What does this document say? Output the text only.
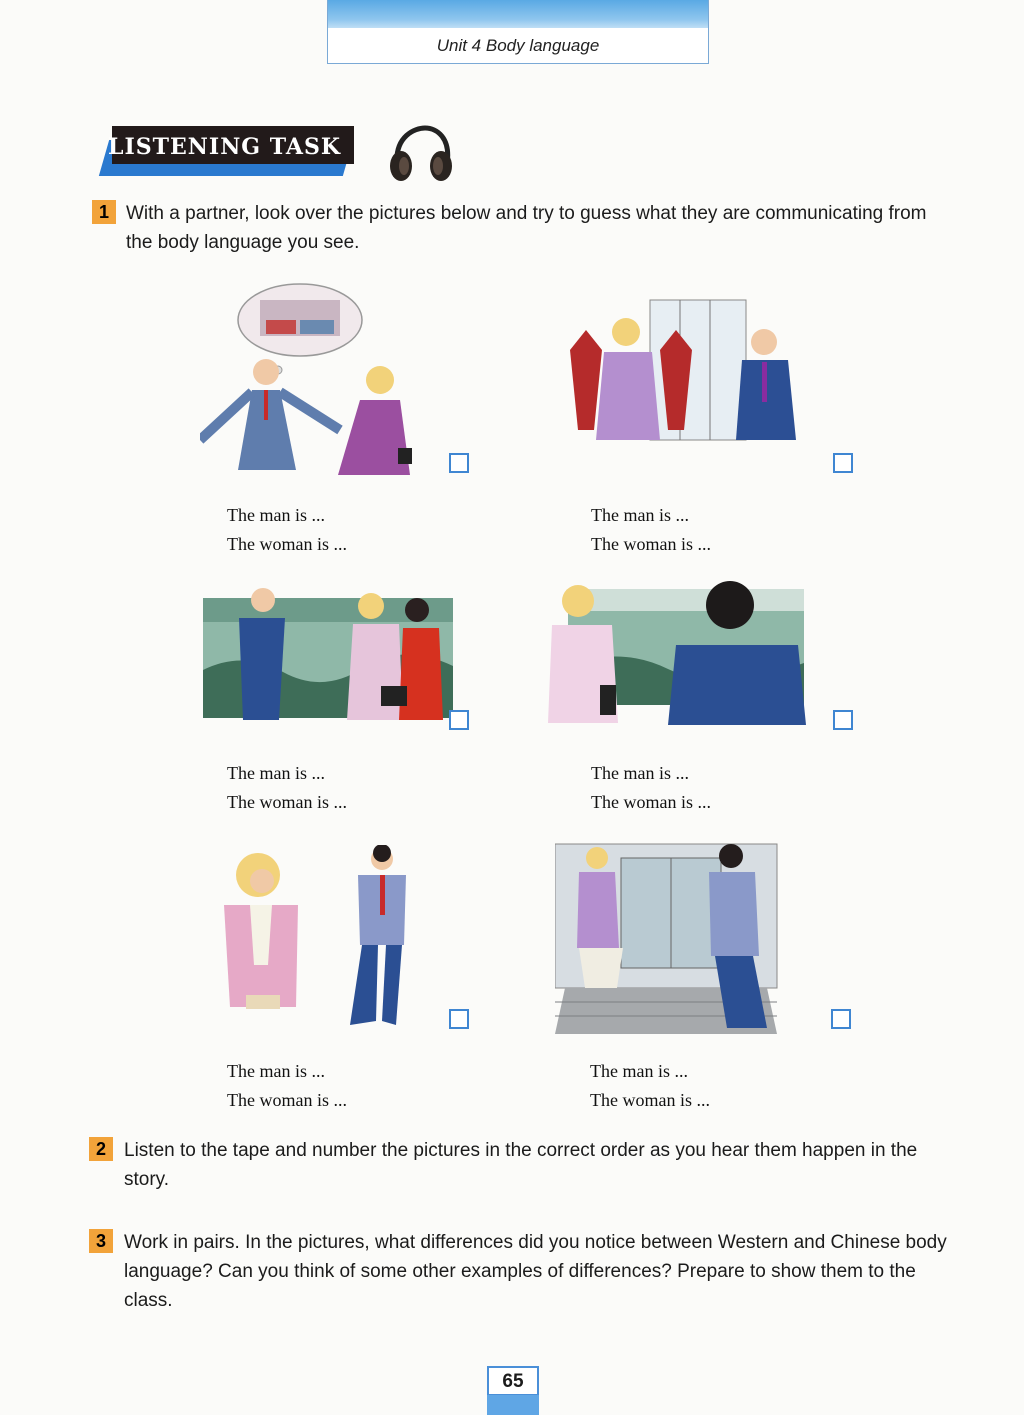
Unit 4 Body language
LISTENING TASK
1 With a partner, look over the pictures below and try to guess what they are communicating from the body language you see.
The man is ...
The woman is ...
The man is ...
The woman is ...
The man is ...
The woman is ...
The man is ...
The woman is ...
The man is ...
The woman is ...
The man is ...
The woman is ...
2 Listen to the tape and number the pictures in the correct order as you hear them happen in the story.
3 Work in pairs. In the pictures, what differences did you notice between Western and Chinese body language? Can you think of some other examples of differences? Prepare to show them to the class.
65
